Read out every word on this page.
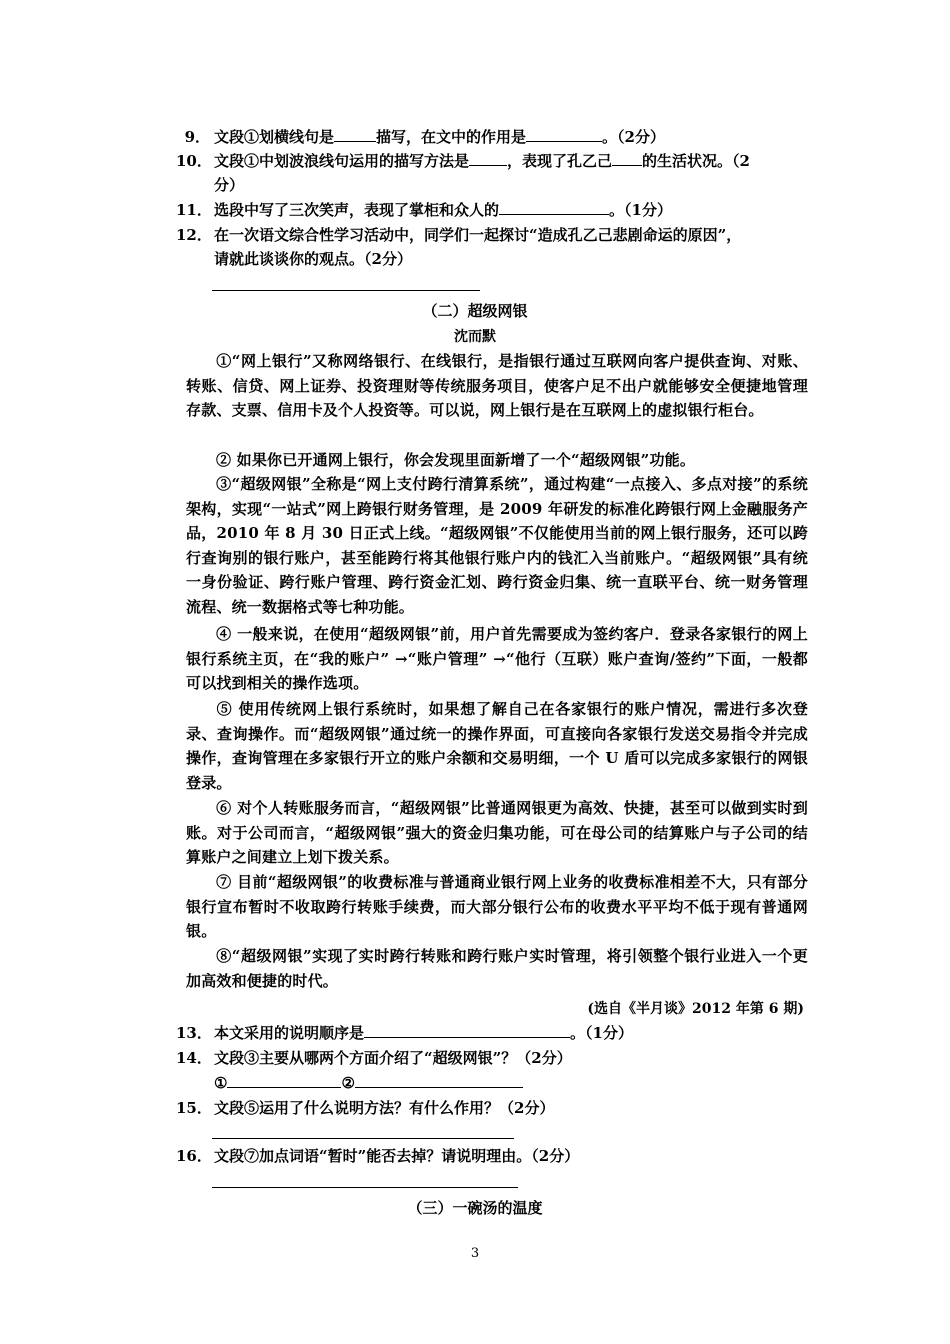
9． 文段①划横线句是	描写，在文中的作用是	。（2分）
10． 文段①中划波浪线句运用的描写方法是	，表现了孔乙己 的生活状况。（2
分）
11． 选段中写了三次笑声，表现了掌柜和众人的	。（1分）
12． 在一次语文综合性学习活动中，同学们一起探讨“造成孔乙己悲剧命运的原因”，
请就此谈谈你的观点。（2分）
（二）超级网银
沈而默
①“网上银行”又称网络银行、在线银行，是指银行通过互联网向客户提供查询、对账、转账、信贷、网上证券、投资理财等传统服务项目，使客户足不出户就能够安全便捷地管理存款、支票、信用卡及个人投资等。可以说，网上银行是在互联网上的虚拟银行柜台。
② 如果你已开通网上银行，你会发现里面新增了一个“超级网银”功能。
③“超级网银”全称是“网上支付跨行清算系统”，通过构建“一点接入、多点对接”的系统架构，实现“一站式”网上跨银行财务管理，是 2009 年研发的标准化跨银行网上金融服务产品，2010 年 8 月 30 日正式上线。“超级网银”不仅能使用当前的网上银行服务，还可以跨行查询别的银行账户，甚至能跨行将其他银行账户内的钱汇入当前账户。“超级网银”具有统一身份验证、跨行账户管理、跨行资金汇划、跨行资金归集、统一直联平台、统一财务管理流程、统一数据格式等七种功能。
④ 一般来说，在使用“超级网银”前，用户首先需要成为签约客户．登录各家银行的网上银行系统主页，在“我的账户” →“账户管理” →“他行（互联）账户查询/签约”下面，一般都可以找到相关的操作选项。
⑤ 使用传统网上银行系统时，如果想了解自己在各家银行的账户情况，需进行多次登录、查询操作。而“超级网银”通过统一的操作界面，可直接向各家银行发送交易指令并完成操作，查询管理在多家银行开立的账户余额和交易明细，一个 U 盾可以完成多家银行的网银登录。
⑥ 对个人转账服务而言，“超级网银”比普通网银更为高效、快捷，甚至可以做到实时到账。对于公司而言，“超级网银”强大的资金归集功能，可在母公司的结算账户与子公司的结算账户之间建立上划下拨关系。
⑦ 目前“超级网银”的收费标准与普通商业银行网上业务的收费标准相差不大，只有部分银行宣布暂时不收取跨行转账手续费，而大部分银行公布的收费水平平均不低于现有普通网银。
⑧“超级网银”实现了实时跨行转账和跨行账户实时管理，将引领整个银行业进入一个更加高效和便捷的时代。
(选自《半月谈》2012 年第 6 期)
13． 本文采用的说明顺序是	。（1分）
14． 文段③主要从哪两个方面介绍了“超级网银”？（2分）
①	②
15． 文段⑤运用了什么说明方法？有什么作用？（2分）
16． 文段⑦加点词语“暂时”能否去掉？请说明理由。（2分）
（三）一碗汤的温度
3
